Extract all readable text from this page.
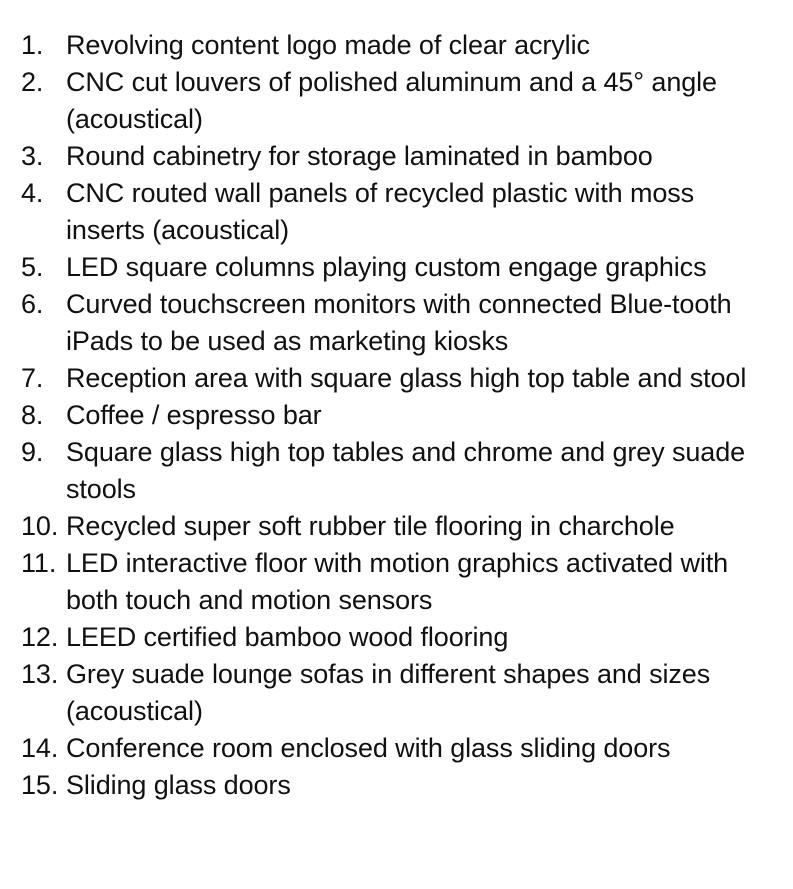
1. Revolving content logo made of clear acrylic
2. CNC cut louvers of polished aluminum and a 45° angle (acoustical)
3. Round cabinetry for storage laminated in bamboo
4. CNC routed wall panels of recycled plastic with moss inserts (acoustical)
5. LED square columns playing custom engage graphics
6. Curved touchscreen monitors with connected Blue-tooth iPads to be used as marketing kiosks
7. Reception area with square glass high top table and stool
8. Coffee / espresso bar
9. Square glass high top tables and chrome and grey suade stools
10. Recycled super soft rubber tile flooring in charchole
11. LED interactive floor with motion graphics activated with both touch and motion sensors
12. LEED certified bamboo wood flooring
13. Grey suade lounge sofas in different shapes and sizes (acoustical)
14. Conference room enclosed with glass sliding doors
15. Sliding glass doors
